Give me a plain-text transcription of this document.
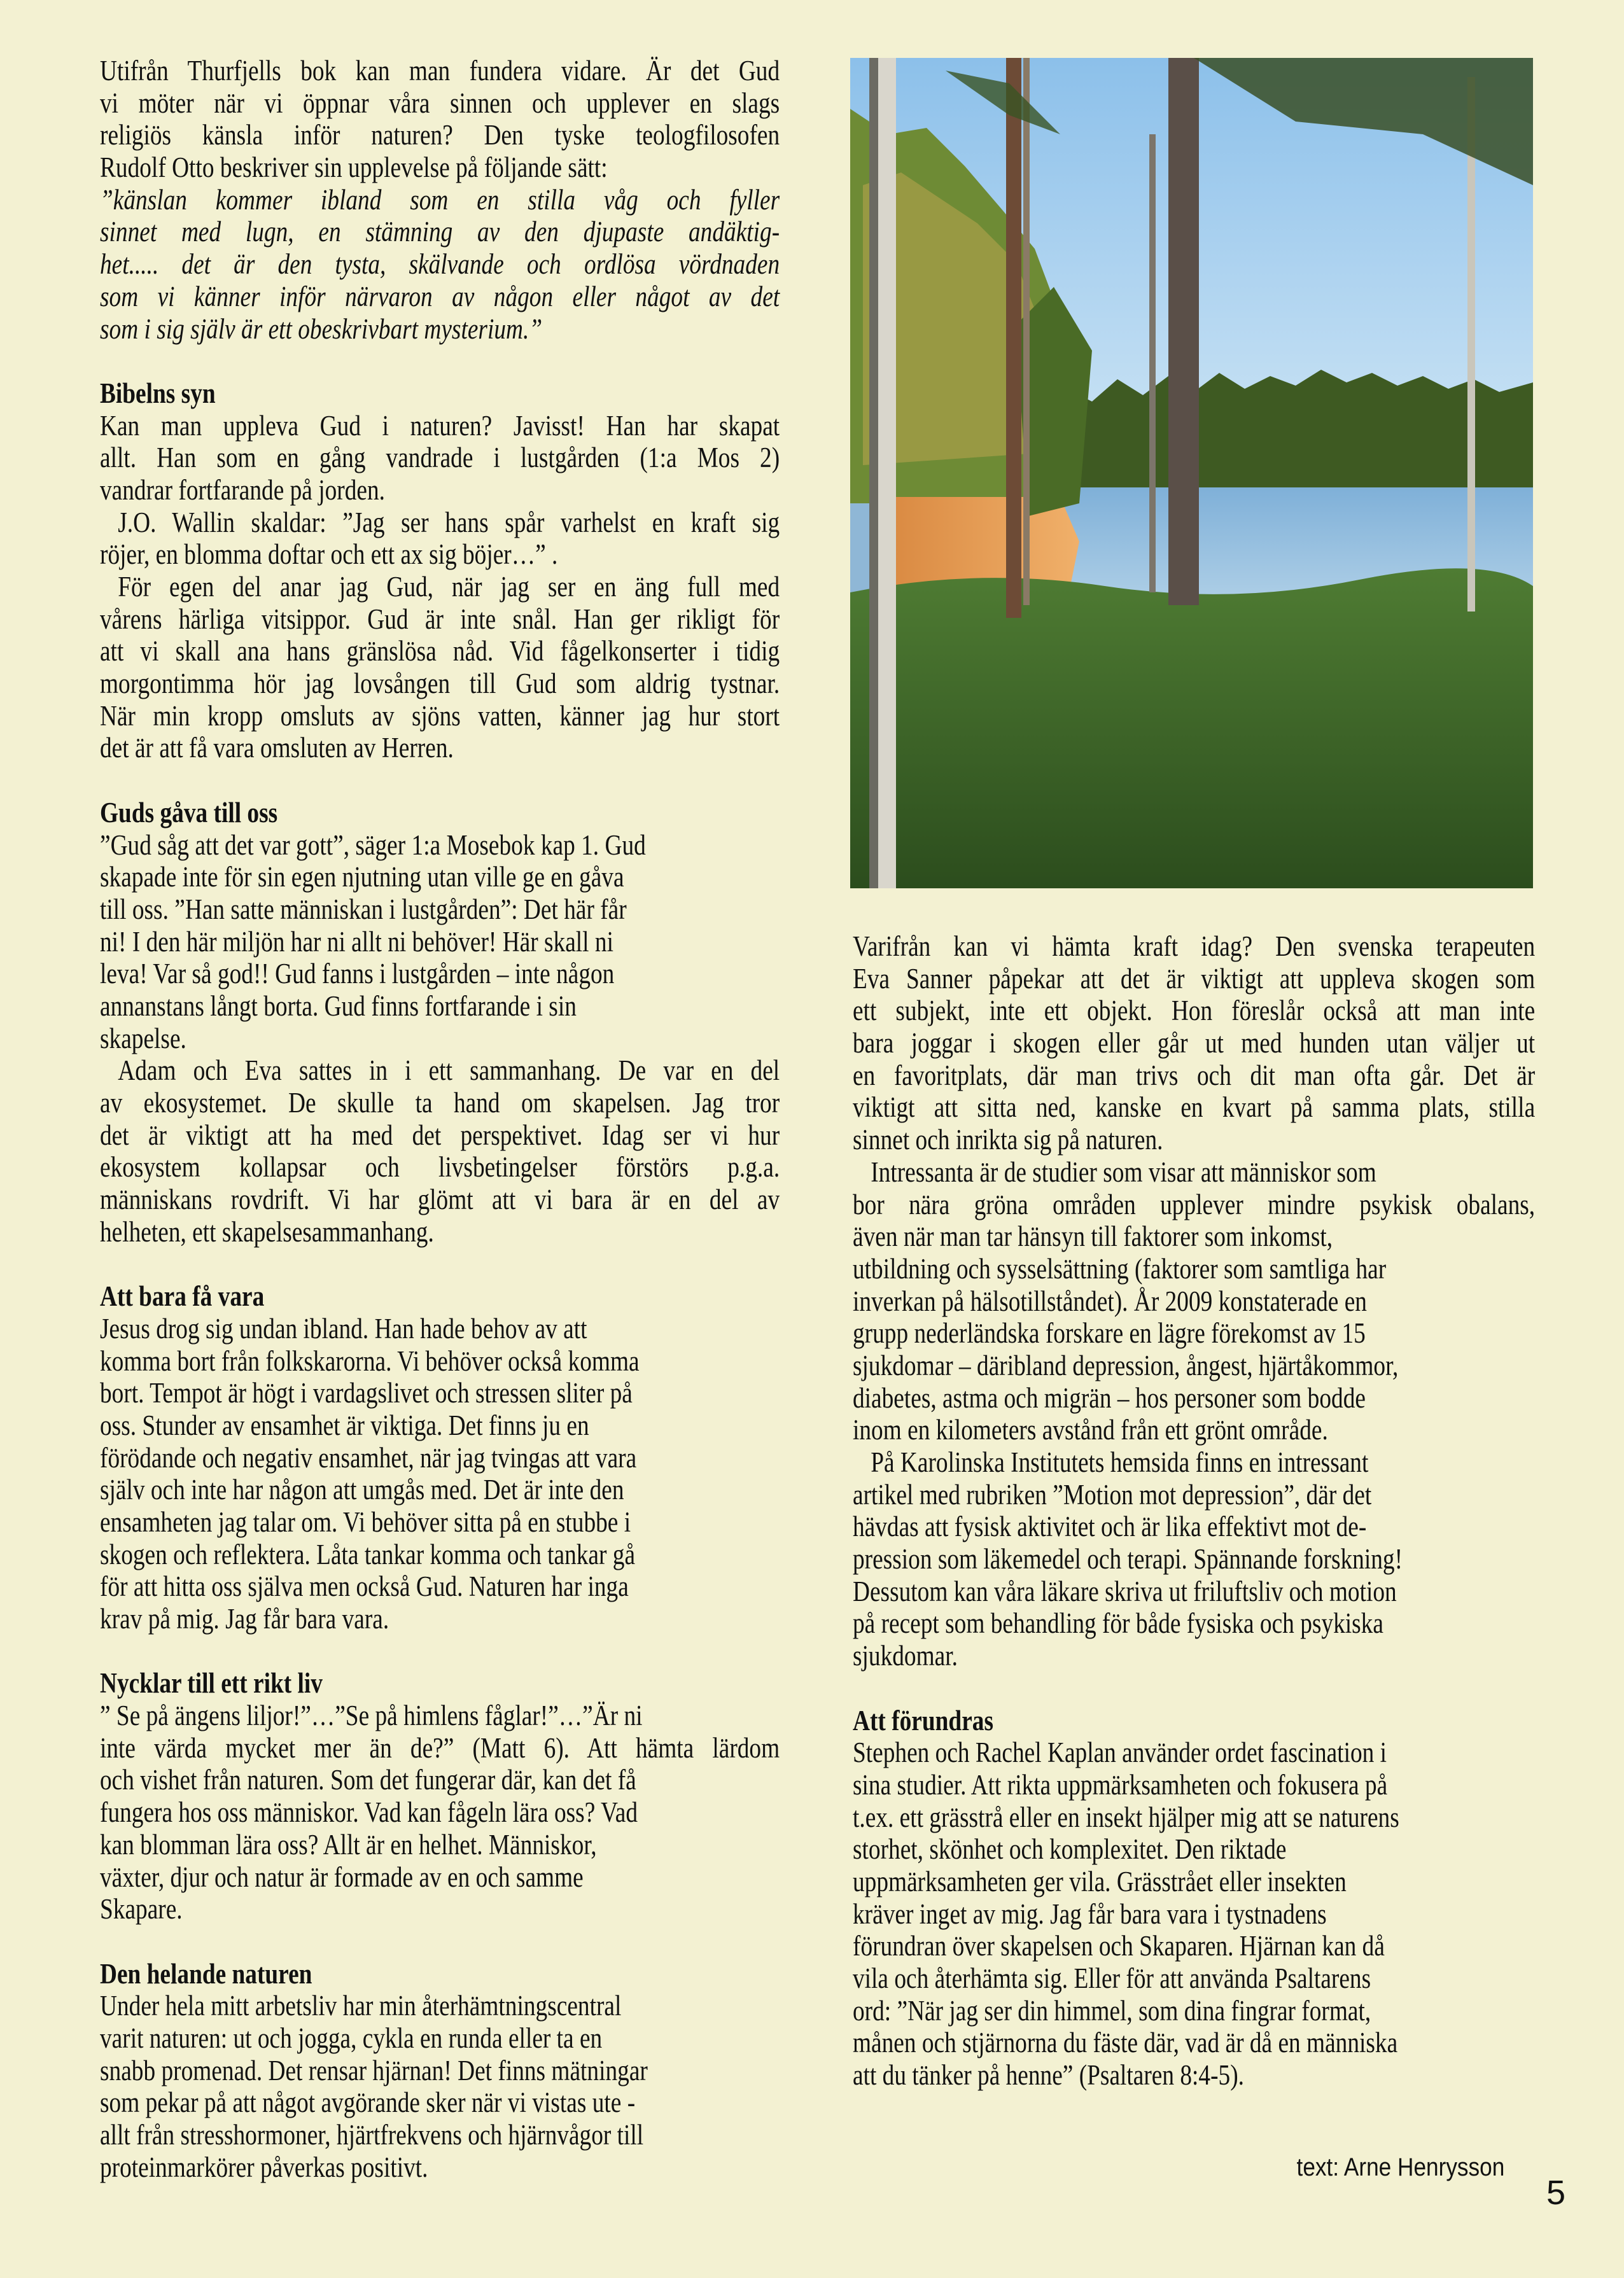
Utifrån Thurfjells bok kan man fundera vidare. Är det Gud
vi möter när vi öppnar våra sinnen och upplever en slags
religiös känsla inför naturen? Den tyske teologfilosofen
Rudolf Otto beskriver sin upplevelse på följande sätt:
”känslan kommer ibland som en stilla våg och fyller
sinnet med lugn, en stämning av den djupaste andäktig-
het..... det är den tysta, skälvande och ordlösa vördnaden
som vi känner inför närvaron av någon eller något av det
som i sig själv är ett obeskrivbart mysterium.”
Bibelns syn
Kan man uppleva Gud i naturen? Javisst! Han har skapat
allt. Han som en gång vandrade i lustgården (1:a Mos 2)
vandrar fortfarande på jorden.
J.O. Wallin skaldar: ”Jag ser hans spår varhelst en kraft sig
röjer, en blomma doftar och ett ax sig böjer…” .
För egen del anar jag Gud, när jag ser en äng full med
vårens härliga vitsippor. Gud är inte snål. Han ger rikligt för
att vi skall ana hans gränslösa nåd. Vid fågelkonserter i tidig
morgontimma hör jag lovsången till Gud som aldrig tystnar.
När min kropp omsluts av sjöns vatten, känner jag hur stort
det är att få vara omsluten av Herren.
Guds gåva till oss
”Gud såg att det var gott”, säger 1:a Mosebok kap 1. Gud
skapade inte för sin egen njutning utan ville ge en gåva
till oss. ”Han satte människan i lustgården”: Det här får
ni! I den här miljön har ni allt ni behöver! Här skall ni
leva! Var så god!! Gud fanns i lustgården – inte någon
annanstans långt borta. Gud finns fortfarande i sin
skapelse.
Adam och Eva sattes in i ett sammanhang. De var en del
av ekosystemet. De skulle ta hand om skapelsen. Jag tror
det är viktigt att ha med det perspektivet. Idag ser vi hur
ekosystem kollapsar och livsbetingelser förstörs p.g.a.
människans rovdrift. Vi har glömt att vi bara är en del av
helheten, ett skapelsesammanhang.
Att bara få vara
Jesus drog sig undan ibland. Han hade behov av att
komma bort från folkskarorna. Vi behöver också komma
bort. Tempot är högt i vardagslivet och stressen sliter på
oss. Stunder av ensamhet är viktiga. Det finns ju en
förödande och negativ ensamhet, när jag tvingas att vara
själv och inte har någon att umgås med. Det är inte den
ensamheten jag talar om. Vi behöver sitta på en stubbe i
skogen och reflektera. Låta tankar komma och tankar gå
för att hitta oss själva men också Gud. Naturen har inga
krav på mig. Jag får bara vara.
Nycklar till ett rikt liv
” Se på ängens liljor!”…”Se på himlens fåglar!”…”Är ni
inte värda mycket mer än de?” (Matt 6). Att hämta lärdom
och vishet från naturen. Som det fungerar där, kan det få
fungera hos oss människor. Vad kan fågeln lära oss? Vad
kan blomman lära oss? Allt är en helhet. Människor,
växter, djur och natur är formade av en och samme
Skapare.
Den helande naturen
Under hela mitt arbetsliv har min återhämtningscentral
varit naturen: ut och jogga, cykla en runda eller ta en
snabb promenad. Det rensar hjärnan! Det finns mätningar
som pekar på att något avgörande sker när vi vistas ute -
allt från stresshormoner, hjärtfrekvens och hjärnvågor till
proteinmarkörer påverkas positivt.
Varifrån kan vi hämta kraft idag? Den svenska terapeuten
Eva Sanner påpekar att det är viktigt att uppleva skogen som
ett subjekt, inte ett objekt. Hon föreslår också att man inte
bara joggar i skogen eller går ut med hunden utan väljer ut
en favoritplats, där man trivs och dit man ofta går. Det är
viktigt att sitta ned, kanske en kvart på samma plats, stilla
sinnet och inrikta sig på naturen.
Intressanta är de studier som visar att människor som
bor nära gröna områden upplever mindre psykisk obalans,
även när man tar hänsyn till faktorer som inkomst,
utbildning och sysselsättning (faktorer som samtliga har
inverkan på hälsotillståndet). År 2009 konstaterade en
grupp nederländska forskare en lägre förekomst av 15
sjukdomar – däribland depression, ångest, hjärtåkommor,
diabetes, astma och migrän – hos personer som bodde
inom en kilometers avstånd från ett grönt område.
På Karolinska Institutets hemsida finns en intressant
artikel med rubriken ”Motion mot depression”, där det
hävdas att fysisk aktivitet och är lika effektivt mot de-
pression som läkemedel och terapi. Spännande forskning!
Dessutom kan våra läkare skriva ut friluftsliv och motion
på recept som behandling för både fysiska och psykiska
sjukdomar.
Att förundras
Stephen och Rachel Kaplan använder ordet fascination i
sina studier. Att rikta uppmärksamheten och fokusera på
t.ex. ett grässtrå eller en insekt hjälper mig att se naturens
storhet, skönhet och komplexitet. Den riktade
uppmärksamheten ger vila. Grässtrået eller insekten
kräver inget av mig. Jag får bara vara i tystnadens
förundran över skapelsen och Skaparen. Hjärnan kan då
vila och återhämta sig. Eller för att använda Psaltarens
ord: ”När jag ser din himmel, som dina fingrar format,
månen och stjärnorna du fäste där, vad är då en människa
att du tänker på henne” (Psaltaren 8:4-5).
text: Arne Henrysson
5
